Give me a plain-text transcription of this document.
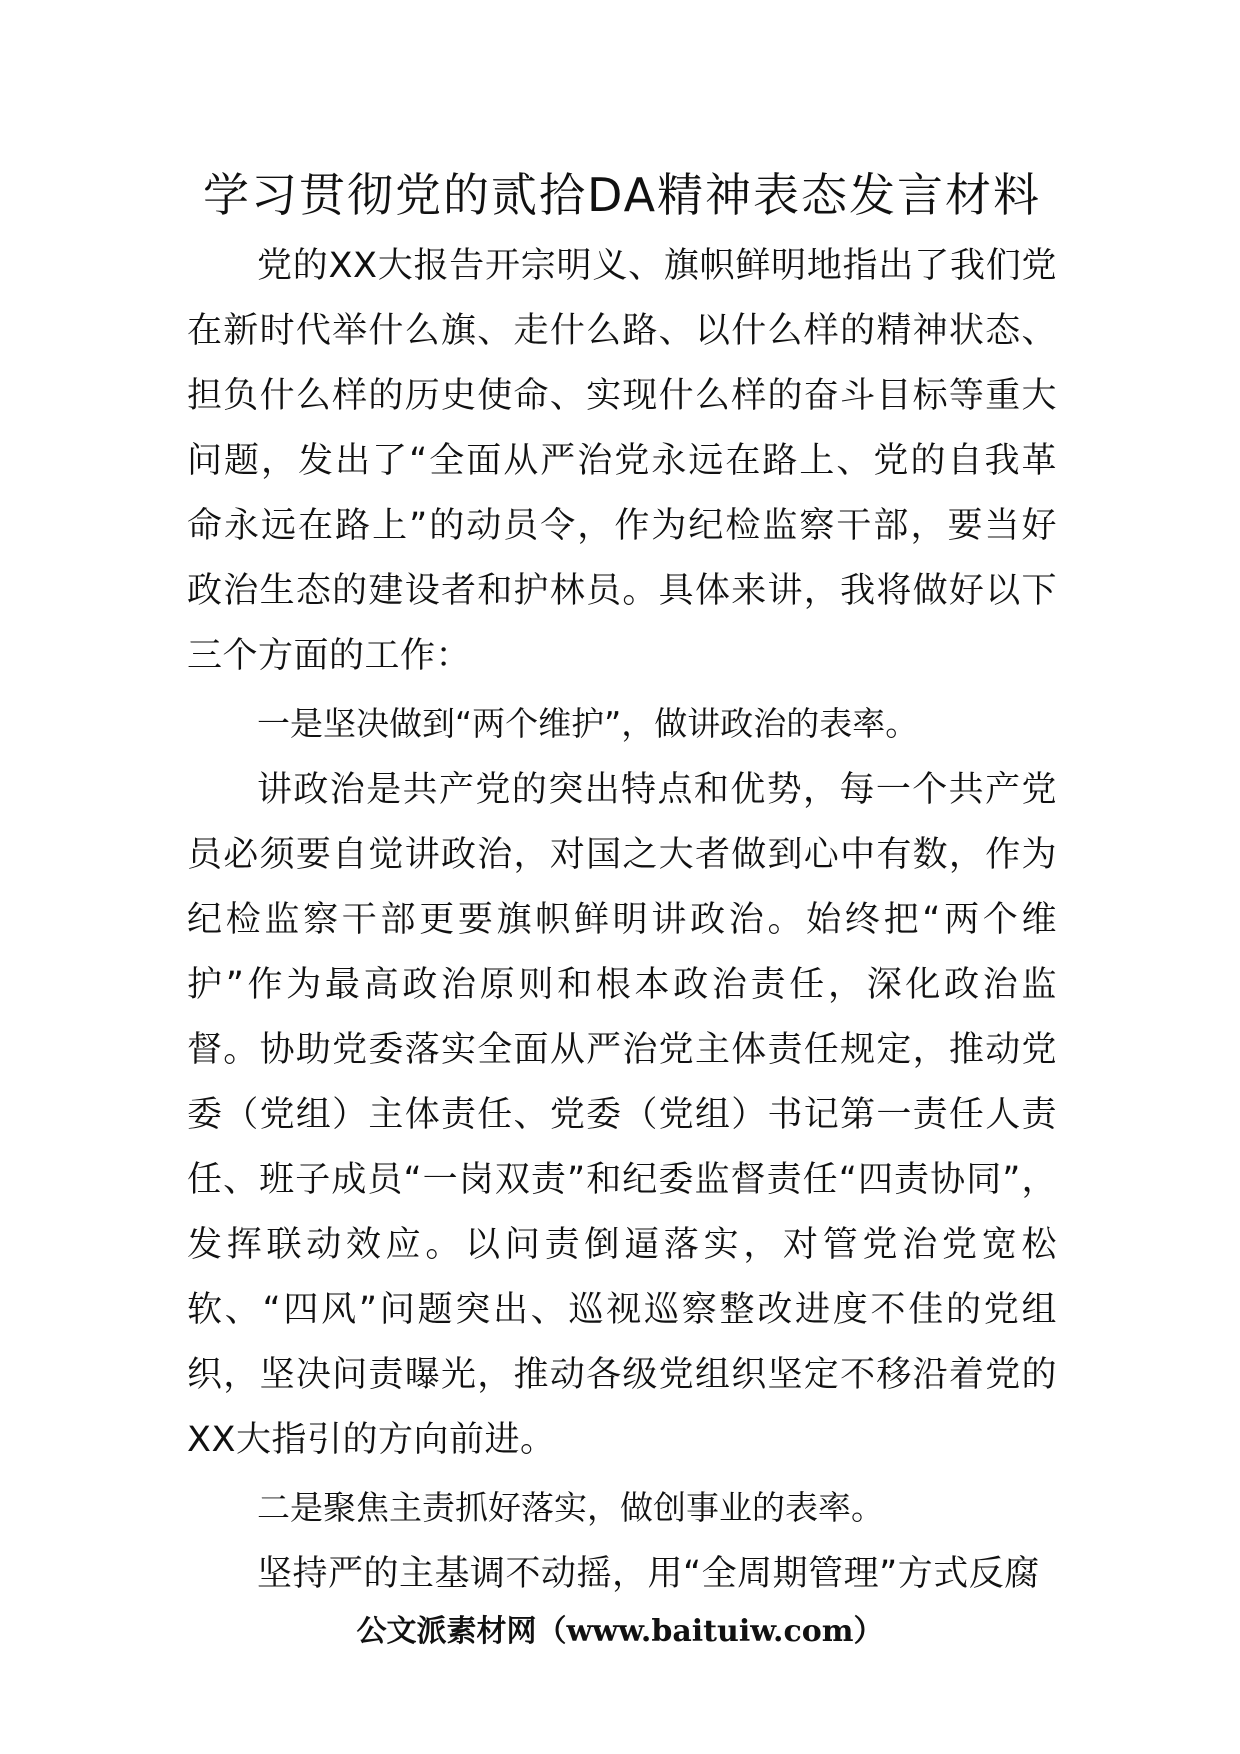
学习贯彻党的贰拾DA精神表态发言材料

党的XX大报告开宗明义、旗帜鲜明地指出了我们党在新时代举什么旗、走什么路、以什么样的精神状态、担负什么样的历史使命、实现什么样的奋斗目标等重大问题，发出了“全面从严治党永远在路上、党的自我革命永远在路上”的动员令，作为纪检监察干部，要当好政治生态的建设者和护林员。具体来讲，我将做好以下三个方面的工作：

一是坚决做到“两个维护”，做讲政治的表率。

讲政治是共产党的突出特点和优势，每一个共产党员必须要自觉讲政治，对国之大者做到心中有数，作为纪检监察干部更要旗帜鲜明讲政治。始终把“两个维护”作为最高政治原则和根本政治责任，深化政治监督。协助党委落实全面从严治党主体责任规定，推动党委（党组）主体责任、党委（党组）书记第一责任人责任、班子成员“一岗双责”和纪委监督责任“四责协同”，发挥联动效应。以问责倒逼落实，对管党治党宽松软、“四风”问题突出、巡视巡察整改进度不佳的党组织，坚决问责曝光，推动各级党组织坚定不移沿着党的XX大指引的方向前进。

二是聚焦主责抓好落实，做创事业的表率。

坚持严的主基调不动摇，用“全周期管理”方式反腐

公文派素材网（www.baituiw.com）
